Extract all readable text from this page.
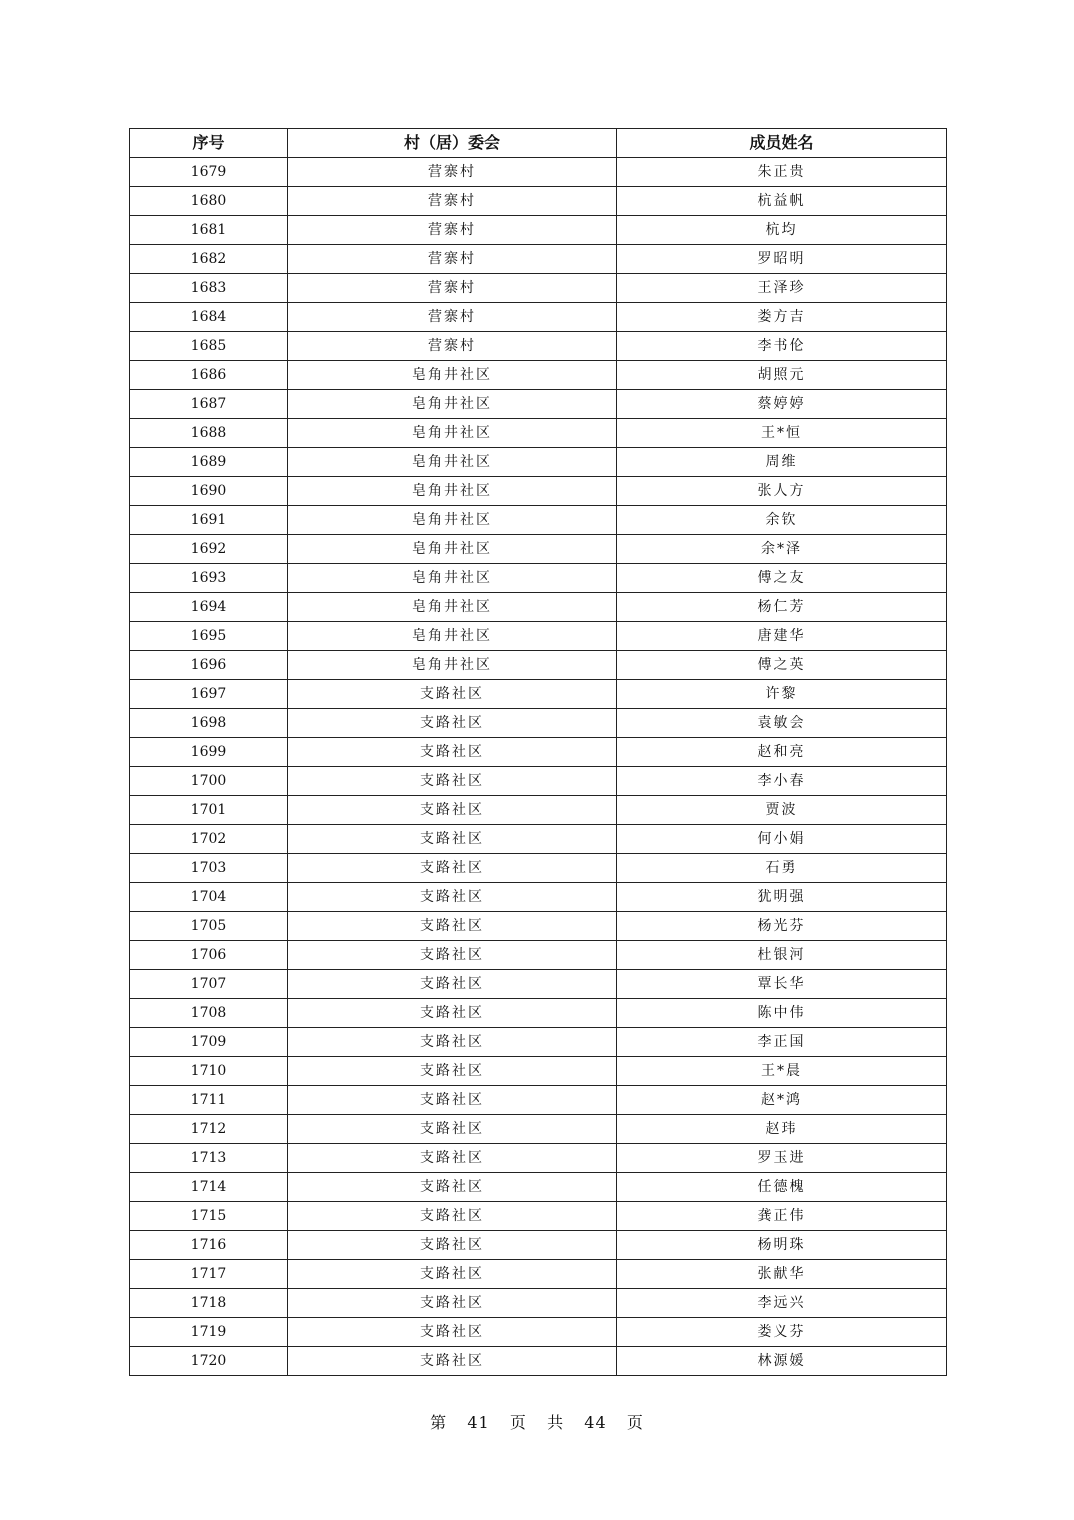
序号	村（居）委会	成员姓名
1679	营寨村	朱正贵
1680	营寨村	杭益帆
1681	营寨村	杭均
1682	营寨村	罗昭明
1683	营寨村	王泽珍
1684	营寨村	娄方吉
1685	营寨村	李书伦
1686	皂角井社区	胡照元
1687	皂角井社区	蔡婷婷
1688	皂角井社区	王*恒
1689	皂角井社区	周维
1690	皂角井社区	张人方
1691	皂角井社区	余钦
1692	皂角井社区	余*泽
1693	皂角井社区	傅之友
1694	皂角井社区	杨仁芳
1695	皂角井社区	唐建华
1696	皂角井社区	傅之英
1697	支路社区	许黎
1698	支路社区	袁敏会
1699	支路社区	赵和亮
1700	支路社区	李小春
1701	支路社区	贾波
1702	支路社区	何小娟
1703	支路社区	石勇
1704	支路社区	犹明强
1705	支路社区	杨光芬
1706	支路社区	杜银河
1707	支路社区	覃长华
1708	支路社区	陈中伟
1709	支路社区	李正国
1710	支路社区	王*晨
1711	支路社区	赵*鸿
1712	支路社区	赵玮
1713	支路社区	罗玉进
1714	支路社区	任德槐
1715	支路社区	龚正伟
1716	支路社区	杨明珠
1717	支路社区	张献华
1718	支路社区	李远兴
1719	支路社区	娄义芬
1720	支路社区	林源媛
第 41 页 共 44 页
